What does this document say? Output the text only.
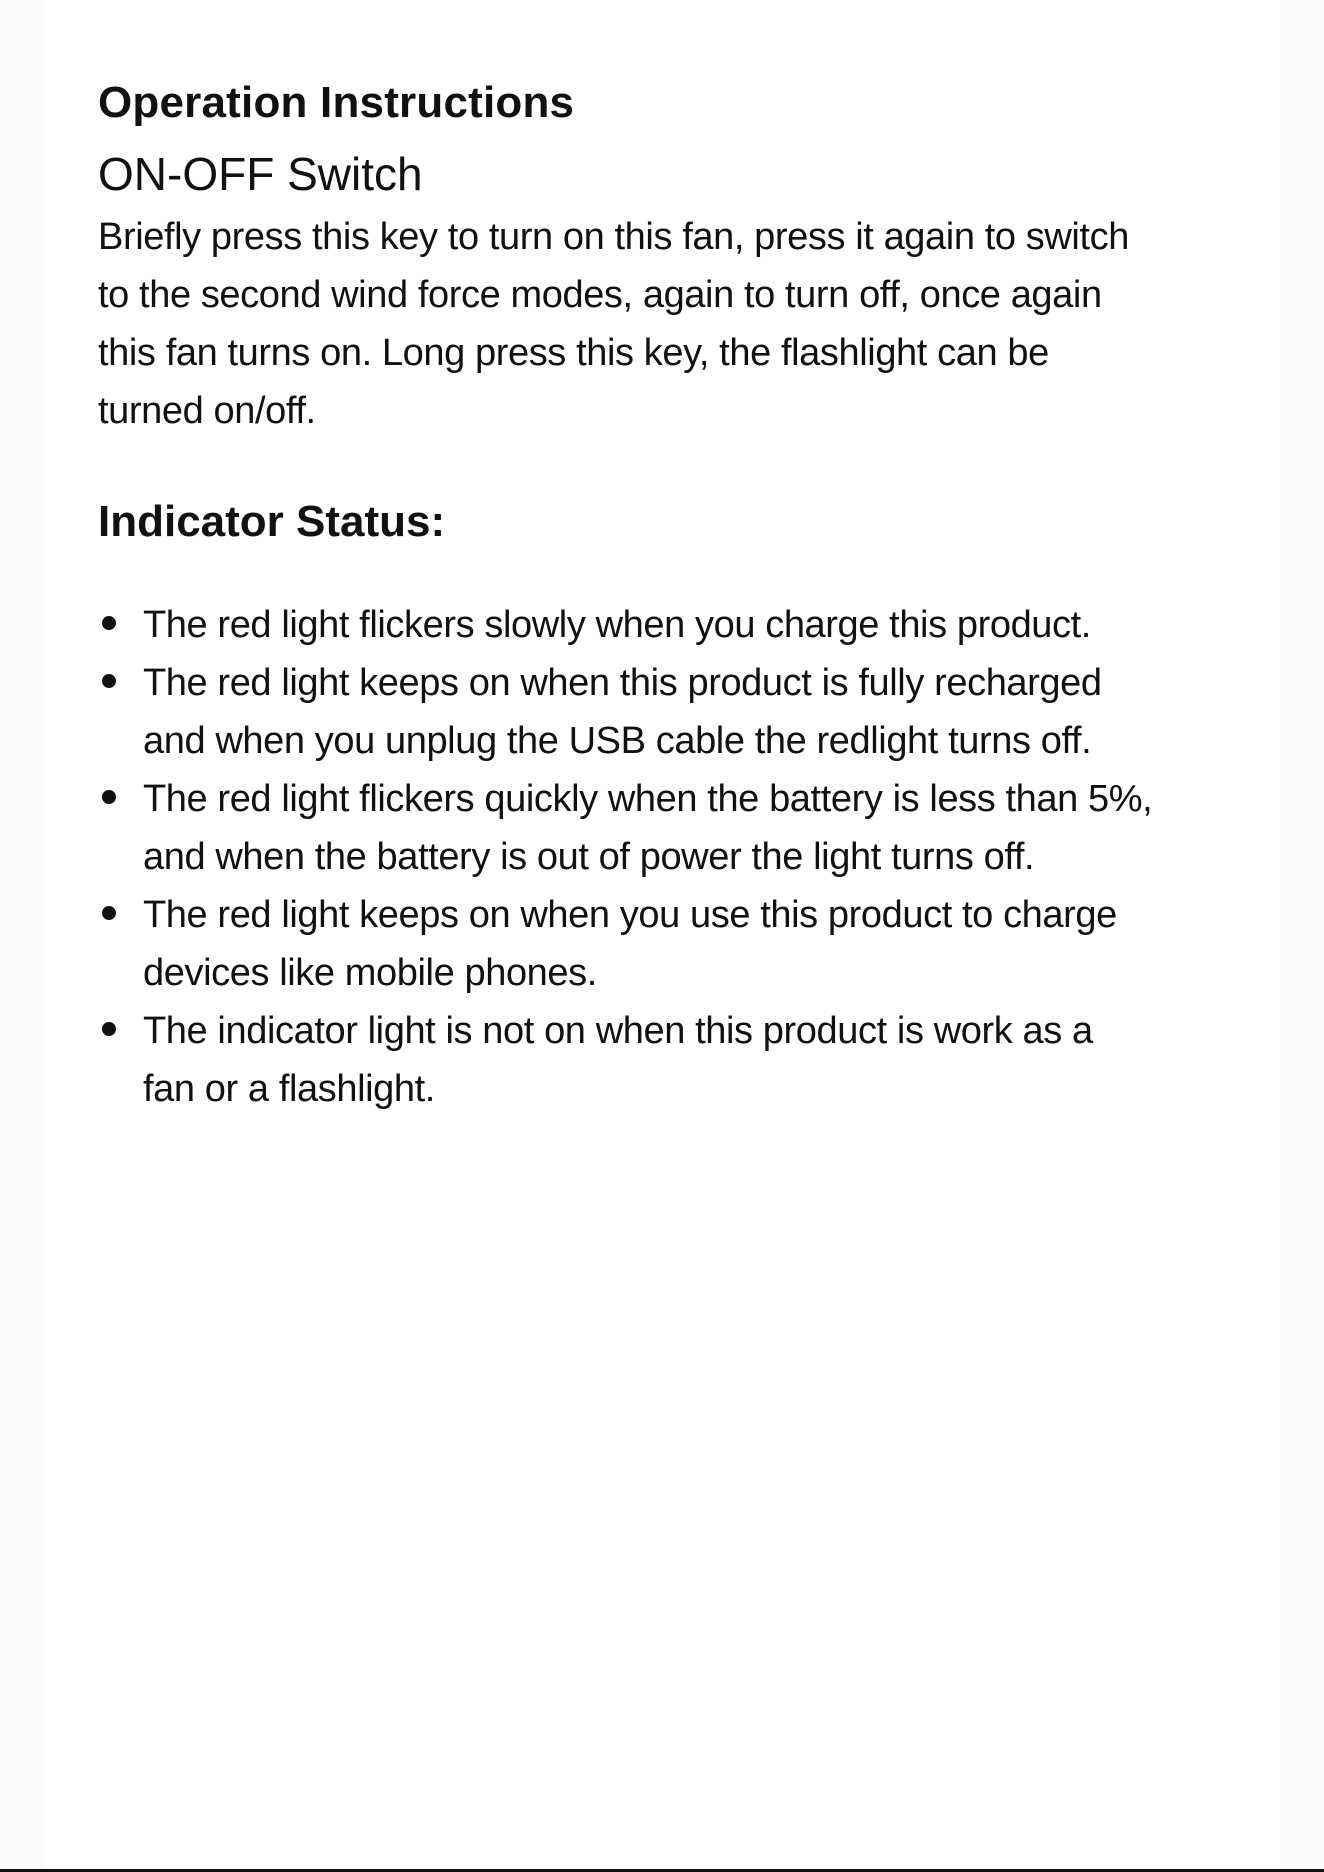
Operation Instructions
ON-OFF Switch
Briefly press this key to turn on this fan, press it again to switch
to the second wind force modes, again to turn off, once again
this fan turns on. Long press this key, the flashlight can be
turned on/off.
Indicator Status:
The red light flickers slowly when you charge this product.
The red light keeps on when this product is fully recharged
and when you unplug the USB cable the redlight turns off.
The red light flickers quickly when the battery is less than 5%,
and when the battery is out of power the light turns off.
The red light keeps on when you use this product to charge
devices like mobile phones.
The indicator light is not on when this product is work as a
fan or a flashlight.
